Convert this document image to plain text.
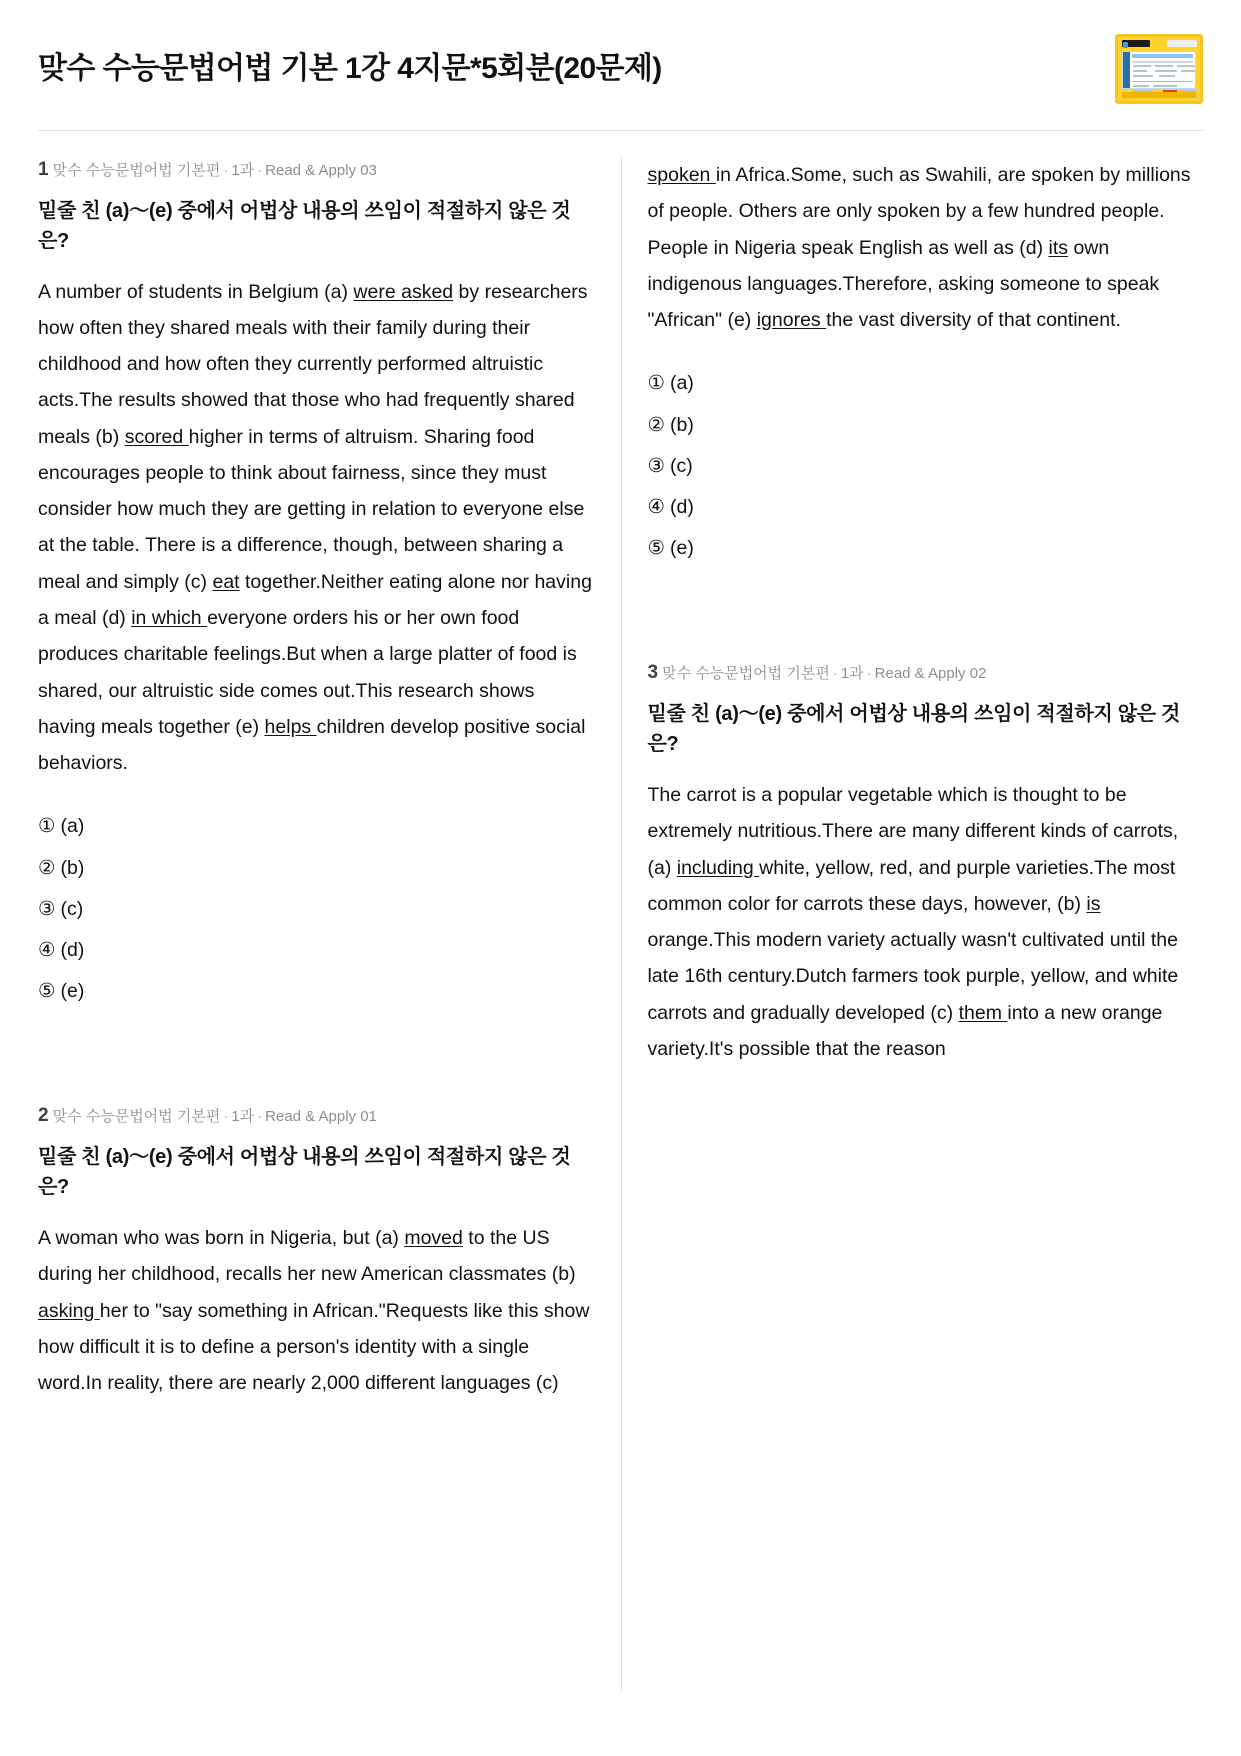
맞수 수능문법어법 기본 1강 4지문*5회분(20문제)
1 맞수 수능문법어법 기본편 · 1과 · Read & Apply 03
밑줄 친 (a)〜(e) 중에서 어법상 내용의 쓰임이 적절하지 않은 것은?

A number of students in Belgium (a) were asked by researchers how often they shared meals with their family during their childhood and how often they currently performed altruistic acts.The results showed that those who had frequently shared meals (b) scored higher in terms of altruism. Sharing food encourages people to think about fairness, since they must consider how much they are getting in relation to everyone else at the table. There is a difference, though, between sharing a meal and simply (c) eat together.Neither eating alone nor having a meal (d) in which everyone orders his or her own food produces charitable feelings.But when a large platter of food is shared, our altruistic side comes out.This research shows having meals together (e) helps children develop positive social behaviors.

① (a)
② (b)
③ (c)
④ (d)
⑤ (e)
2 맞수 수능문법어법 기본편 · 1과 · Read & Apply 01
밑줄 친 (a)〜(e) 중에서 어법상 내용의 쓰임이 적절하지 않은 것은?

A woman who was born in Nigeria, but (a) moved to the US during her childhood, recalls her new American classmates (b) asking her to "say something in African."Requests like this show how difficult it is to define a person's identity with a single word.In reality, there are nearly 2,000 different languages (c)

spoken in Africa.Some, such as Swahili, are spoken by millions of people. Others are only spoken by a few hundred people. People in Nigeria speak English as well as (d) its own indigenous languages.Therefore, asking someone to speak "African" (e) ignores the vast diversity of that continent.

① (a)
② (b)
③ (c)
④ (d)
⑤ (e)
3 맞수 수능문법어법 기본편 · 1과 · Read & Apply 02
밑줄 친 (a)〜(e) 중에서 어법상 내용의 쓰임이 적절하지 않은 것은?

The carrot is a popular vegetable which is thought to be extremely nutritious.There are many different kinds of carrots, (a) including white, yellow, red, and purple varieties.The most common color for carrots these days, however, (b) is orange.This modern variety actually wasn't cultivated until the late 16th century.Dutch farmers took purple, yellow, and white carrots and gradually developed (c) them into a new orange variety.It's possible that the reason
